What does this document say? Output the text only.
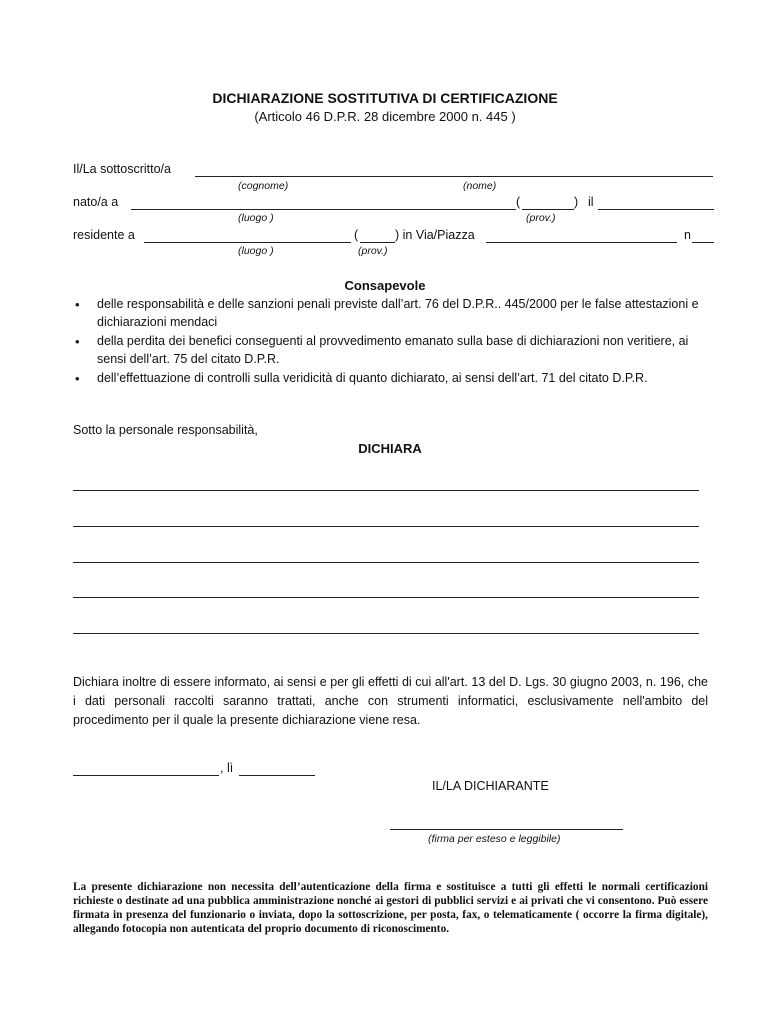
DICHIARAZIONE SOSTITUTIVA DI CERTIFICAZIONE
(Articolo 46 D.P.R. 28 dicembre 2000 n. 445 )
Il/La sottoscritto/a
(cognome)	(nome)
nato/a a	(	) il
(luogo )	(prov.)
residente a	(	) in Via/Piazza	n
(luogo )	(prov.)
Consapevole
• delle responsabilità e delle sanzioni penali previste dall’art. 76 del D.P.R.. 445/2000 per le false attestazioni e dichiarazioni mendaci
• della perdita dei benefici conseguenti al provvedimento emanato sulla base di dichiarazioni non veritiere, ai sensi dell’art. 75 del citato D.P.R.
• dell’effettuazione di controlli sulla veridicità di quanto dichiarato, ai sensi dell’art. 71 del citato D.P.R.
Sotto la personale responsabilità,
DICHIARA
Dichiara inoltre di essere informato, ai sensi e per gli effetti di cui all'art. 13 del D. Lgs. 30 giugno 2003, n. 196, che i dati personali raccolti saranno trattati, anche con strumenti informatici, esclusivamente nell'ambito del procedimento per il quale la presente dichiarazione viene resa.
, lì
IL/LA DICHIARANTE
(firma per esteso e leggibile)
La presente dichiarazione non necessita dell’autenticazione della firma e sostituisce a tutti gli effetti le normali certificazioni richieste o destinate ad una pubblica amministrazione nonché ai gestori di pubblici servizi e ai privati che vi consentono. Può essere firmata in presenza del funzionario o inviata, dopo la sottoscrizione, per posta, fax, o telematicamente ( occorre la firma digitale), allegando fotocopia non autenticata del proprio documento di riconoscimento.
